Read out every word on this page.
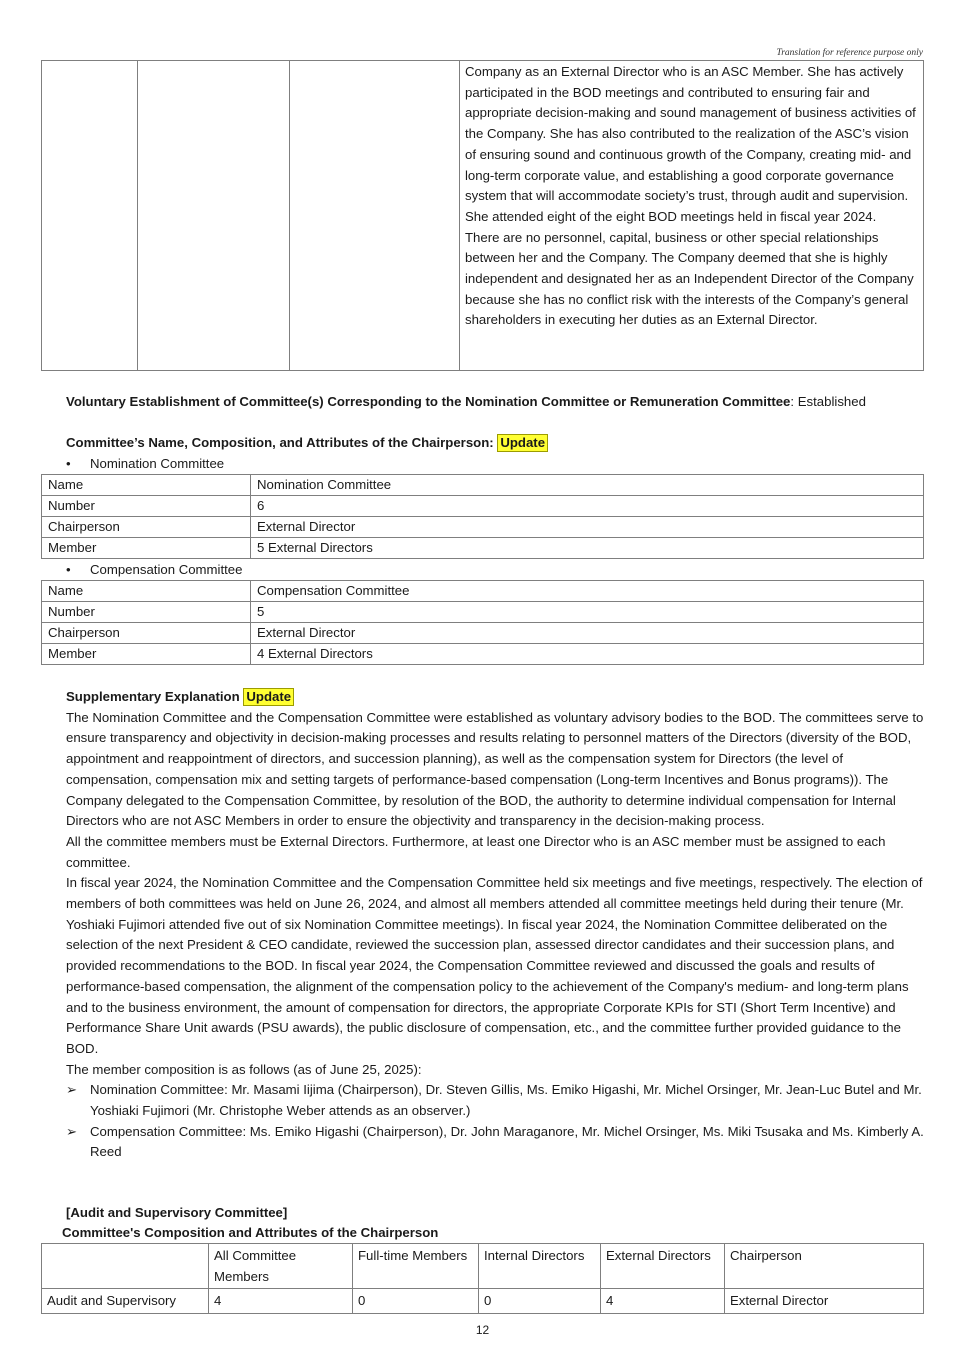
Translation for reference purpose only

Company as an External Director who is an ASC Member. She has actively participated in the BOD meetings and contributed to ensuring fair and appropriate decision-making and sound management of business activities of the Company. She has also contributed to the realization of the ASC’s vision of ensuring sound and continuous growth of the Company, creating mid- and long-term corporate value, and establishing a good corporate governance system that will accommodate society’s trust, through audit and supervision. She attended eight of the eight BOD meetings held in fiscal year 2024.
There are no personnel, capital, business or other special relationships between her and the Company. The Company deemed that she is highly independent and designated her as an Independent Director of the Company because she has no conflict risk with the interests of the Company’s general shareholders in executing her duties as an External Director.
Voluntary Establishment of Committee(s) Corresponding to the Nomination Committee or Remuneration Committee: Established
Committee’s Name, Composition, and Attributes of the Chairperson: Update
• Nomination Committee
Name	Nomination Committee
Number	6
Chairperson	External Director
Member	5 External Directors
• Compensation Committee
Name	Compensation Committee
Number	5
Chairperson	External Director
Member	4 External Directors

Supplementary Explanation Update

The Nomination Committee and the Compensation Committee were established as voluntary advisory bodies to the BOD. The committees serve to ensure transparency and objectivity in decision-making processes and results relating to personnel matters of the Directors (diversity of the BOD, appointment and reappointment of directors, and succession planning), as well as the compensation system for Directors (the level of compensation, compensation mix and setting targets of performance-based compensation (Long-term Incentives and Bonus programs)). The Company delegated to the Compensation Committee, by resolution of the BOD, the authority to determine individual compensation for Internal Directors who are not ASC Members in order to ensure the objectivity and transparency in the decision-making process.

All the committee members must be External Directors. Furthermore, at least one Director who is an ASC member must be assigned to each committee.

In fiscal year 2024, the Nomination Committee and the Compensation Committee held six meetings and five meetings, respectively. The election of members of both committees was held on June 26, 2024, and almost all members attended all committee meetings held during their tenure (Mr. Yoshiaki Fujimori attended five out of six Nomination Committee meetings). In fiscal year 2024, the Nomination Committee deliberated on the selection of the next President & CEO candidate, reviewed the succession plan, assessed director candidates and their succession plans, and provided recommendations to the BOD. In fiscal year 2024, the Compensation Committee reviewed and discussed the goals and results of performance-based compensation, the alignment of the compensation policy to the achievement of the Company's medium- and long-term plans and to the business environment, the amount of compensation for directors, the appropriate Corporate KPIs for STI (Short Term Incentive) and Performance Share Unit awards (PSU awards), the public disclosure of compensation, etc., and the committee further provided guidance to the BOD.

The member composition is as follows (as of June 25, 2025):

➢ Nomination Committee: Mr. Masami Iijima (Chairperson), Dr. Steven Gillis, Ms. Emiko Higashi, Mr. Michel Orsinger, Mr. Jean-Luc Butel and Mr. Yoshiaki Fujimori (Mr. Christophe Weber attends as an observer.)
➢ Compensation Committee: Ms. Emiko Higashi (Chairperson), Dr. John Maraganore, Mr. Michel Orsinger, Ms. Miki Tsusaka and Ms. Kimberly A. Reed
[Audit and Supervisory Committee]
Committee's Composition and Attributes of the Chairperson
	All Committee Members	Full-time Members	Internal Directors	External Directors	Chairperson
Audit and Supervisory	4	0	0	4	External Director
12
